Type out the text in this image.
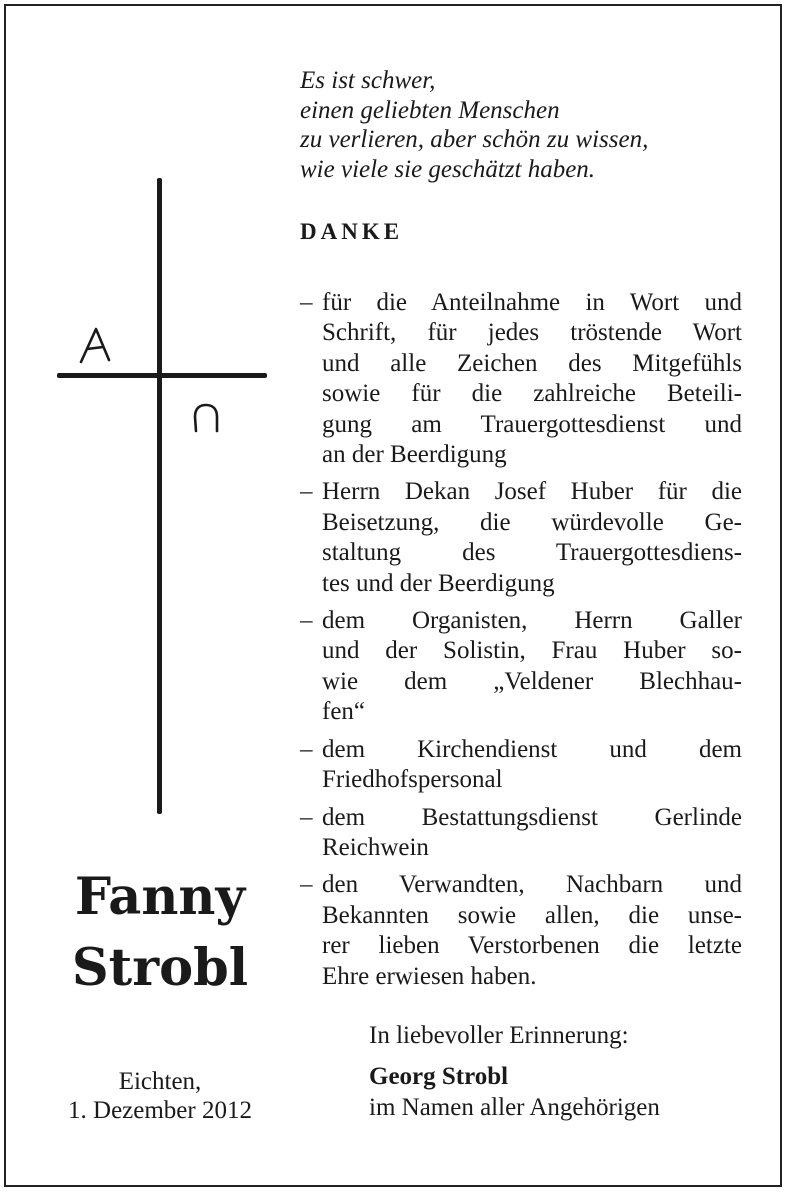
Fanny
Strobl
Eichten,
1. Dezember 2012
Es ist schwer,
einen geliebten Menschen
zu verlieren, aber schön zu wissen,
wie viele sie geschätzt haben.
DANKE
– für die Anteilnahme in Wort und
Schrift, für jedes tröstende Wort
und alle Zeichen des Mitgefühls
sowie für die zahlreiche Beteili-
gung am Trauergottesdienst und
an der Beerdigung
– Herrn Dekan Josef Huber für die
Beisetzung, die würdevolle Ge-
staltung des Trauergottesdiens-
tes und der Beerdigung
– dem Organisten, Herrn Galler
und der Solistin, Frau Huber so-
wie dem „Veldener Blechhau-
fen“
– dem Kirchendienst und dem
Friedhofspersonal
– dem Bestattungsdienst Gerlinde
Reichwein
– den Verwandten, Nachbarn und
Bekannten sowie allen, die unse-
rer lieben Verstorbenen die letzte
Ehre erwiesen haben.
In liebevoller Erinnerung:
Georg Strobl
im Namen aller Angehörigen
